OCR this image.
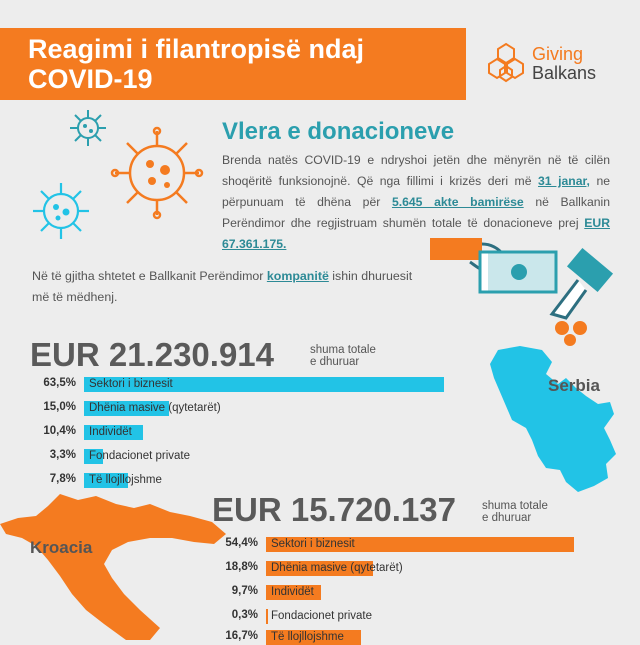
Reagimi i filantropisë ndaj
COVID-19
Giving
Balkans
Vlera e donacioneve
Brenda natës COVID-19 e ndryshoi jetën dhe mënyrën në të cilën shoqëritë funksionojnë. Që nga fillimi i krizës deri më 31 janar, ne përpunuam të dhëna për 5.645 akte bamirëse në Ballkanin Perëndimor dhe regjistruam shumën totale të donacioneve prej EUR 67.361.175.
Në të gjitha shtetet e Ballkanit Perëndimor kompanitë ishin dhuruesit më të mëdhenj.
Serbia
Kroacia
EUR 21.230.914	shuma totale
e dhuruar
63,5% Sektori i biznesit
15,0% Dhënia masive (qytetarët)
10,4% Individët
3,3% Fondacionet private
7,8% Të llojllojshme
EUR 15.720.137 shuma totale
e dhuruar
54,4% Sektori i biznesit
18,8% Dhënia masive (qytetarët)
9,7% Individët
0,3% Fondacionet private
16,7% Të llojllojshme
